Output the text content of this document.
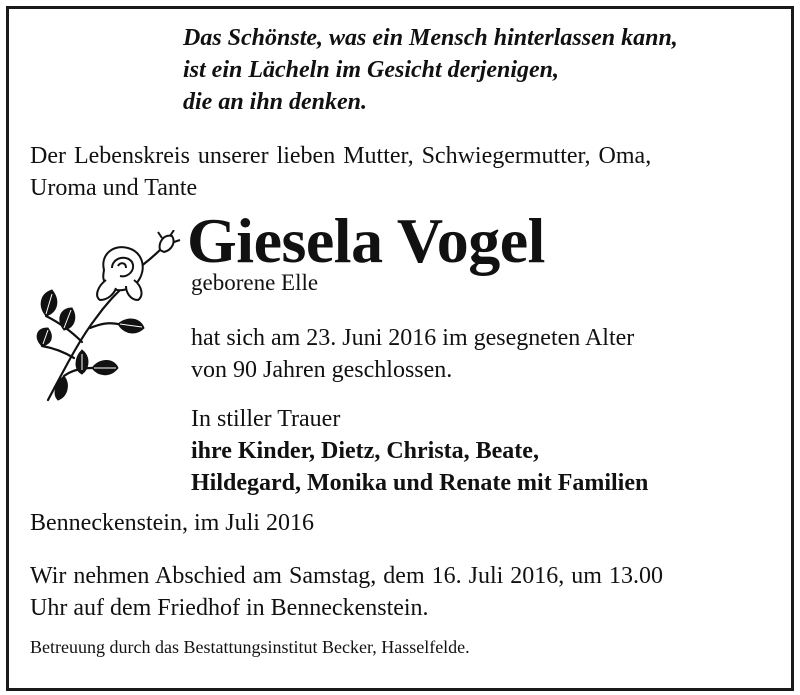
Das Schönste, was ein Mensch hinterlassen kann,
ist ein Lächeln im Gesicht derjenigen,
die an ihn denken.
Der Lebenskreis unserer lieben Mutter, Schwiegermutter, Oma,
Uroma und Tante
Giesela Vogel
geborene Elle
hat sich am 23. Juni 2016 im gesegneten Alter
von 90 Jahren geschlossen.
In stiller Trauer
ihre Kinder, Dietz, Christa, Beate,
Hildegard, Monika und Renate mit Familien
Benneckenstein, im Juli 2016
Wir nehmen Abschied am Samstag, dem 16. Juli 2016, um 13.00
Uhr auf dem Friedhof in Benneckenstein.
Betreuung durch das Bestattungsinstitut Becker, Hasselfelde.
